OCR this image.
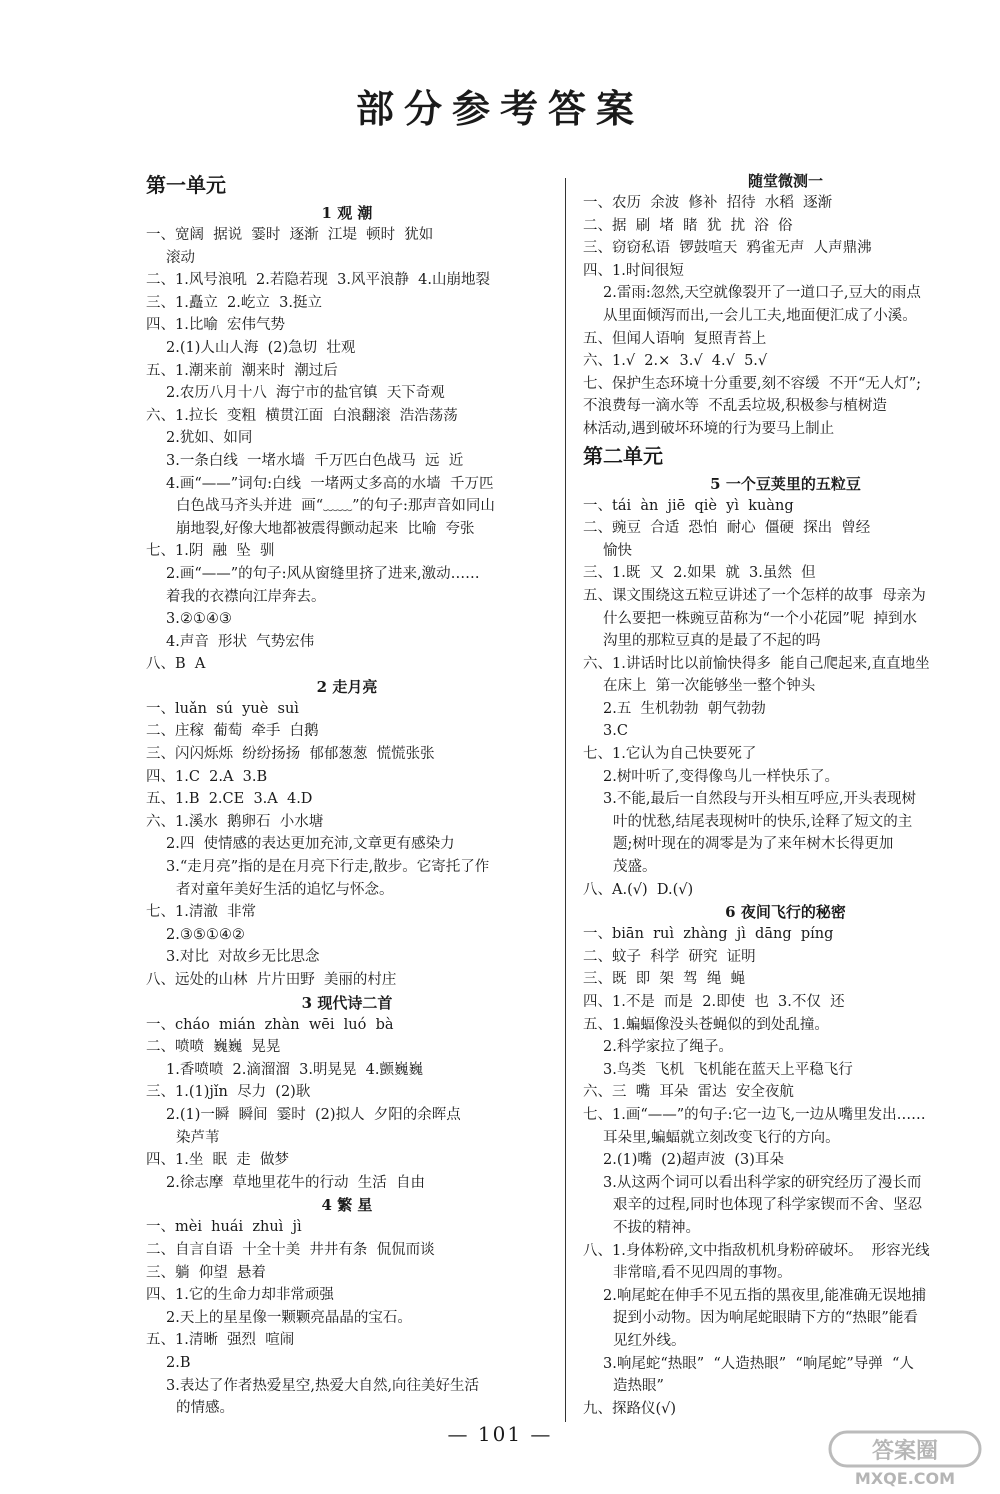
部分参考答案
第一单元
1 观 潮
一、宽阔  据说  霎时  逐渐  江堤  顿时  犹如
滚动
二、1.风号浪吼  2.若隐若现  3.风平浪静  4.山崩地裂
三、1.矗立  2.屹立  3.挺立
四、1.比喻  宏伟气势
2.(1)人山人海  (2)急切  壮观
五、1.潮来前  潮来时  潮过后
2.农历八月十八  海宁市的盐官镇  天下奇观
六、1.拉长  变粗  横贯江面  白浪翻滚  浩浩荡荡
2.犹如、如同
3.一条白线  一堵水墙  千万匹白色战马  远  近
4.画“——”词句:白线  一堵两丈多高的水墙  千万匹
白色战马齐头并进  画“﹏﹏”的句子:那声音如同山
崩地裂,好像大地都被震得颤动起来  比喻  夸张
七、1.阴  融  坠  驯
2.画“——”的句子:风从窗缝里挤了进来,激动……
着我的衣襟向江岸奔去。
3.②①④③
4.声音  形状  气势宏伟
八、B  A
2 走月亮
一、luǎn  sú  yuè  suì
二、庄稼  葡萄  牵手  白鹅
三、闪闪烁烁  纷纷扬扬  郁郁葱葱  慌慌张张
四、1.C  2.A  3.B
五、1.B  2.CE  3.A  4.D
六、1.溪水  鹅卵石  小水塘
2.四  使情感的表达更加充沛,文章更有感染力
3.“走月亮”指的是在月亮下行走,散步。它寄托了作
者对童年美好生活的追忆与怀念。
七、1.清澈  非常
2.③⑤①④②
3.对比  对故乡无比思念
八、远处的山林  片片田野  美丽的村庄
3 现代诗二首
一、cháo  mián  zhàn  wēi  luó  bà
二、喷喷  巍巍  晃晃
1.香喷喷  2.滴溜溜  3.明晃晃  4.颤巍巍
三、1.(1)jǐn  尽力  (2)耿
2.(1)一瞬  瞬间  霎时  (2)拟人  夕阳的余晖点
染芦苇
四、1.坐  眠  走  做梦
2.徐志摩  草地里花牛的行动  生活  自由
4 繁 星
一、mèi  huái  zhuì  jì
二、自言自语  十全十美  井井有条  侃侃而谈
三、躺  仰望  悬着
四、1.它的生命力却非常顽强
2.天上的星星像一颗颗亮晶晶的宝石。
五、1.清晰  强烈  喧闹
2.B
3.表达了作者热爱星空,热爱大自然,向往美好生活
的情感。
随堂微测一
一、农历  余波  修补  招待  水稻  逐渐
二、据  刷  堵  睹  犹  扰  浴  俗
三、窃窃私语  锣鼓喧天  鸦雀无声  人声鼎沸
四、1.时间很短
2.雷雨:忽然,天空就像裂开了一道口子,豆大的雨点
从里面倾泻而出,一会儿工夫,地面便汇成了小溪。
五、但闻人语响  复照青苔上
六、1.√  2.×  3.√  4.√  5.√
七、保护生态环境十分重要,刻不容缓  不开“无人灯”;
不浪费每一滴水等  不乱丢垃圾,积极参与植树造
林活动,遇到破坏环境的行为要马上制止
第二单元
5 一个豆荚里的五粒豆
一、tái  àn  jiē  qiè  yì  kuàng
二、豌豆  合适  恐怕  耐心  僵硬  探出  曾经
愉快
三、1.既  又  2.如果  就  3.虽然  但
五、课文围绕这五粒豆讲述了一个怎样的故事  母亲为
什么要把一株豌豆苗称为“一个小花园”呢  掉到水
沟里的那粒豆真的是最了不起的吗
六、1.讲话时比以前愉快得多  能自己爬起来,直直地坐
在床上  第一次能够坐一整个钟头
2.五  生机勃勃  朝气勃勃
3.C
七、1.它认为自己快要死了
2.树叶听了,变得像鸟儿一样快乐了。
3.不能,最后一自然段与开头相互呼应,开头表现树
叶的忧愁,结尾表现树叶的快乐,诠释了短文的主
题;树叶现在的凋零是为了来年树木长得更加
茂盛。
八、A.(√)  D.(√)
6 夜间飞行的秘密
一、biān  ruì  zhàng  jì  dāng  píng
二、蚊子  科学  研究  证明
三、既  即  架  驾  绳  蝇
四、1.不是  而是  2.即使  也  3.不仅  还
五、1.蝙蝠像没头苍蝇似的到处乱撞。
2.科学家拉了绳子。
3.鸟类  飞机  飞机能在蓝天上平稳飞行
六、三  嘴  耳朵  雷达  安全夜航
七、1.画“——”的句子:它一边飞,一边从嘴里发出……
耳朵里,蝙蝠就立刻改变飞行的方向。
2.(1)嘴  (2)超声波  (3)耳朵
3.从这两个词可以看出科学家的研究经历了漫长而
艰辛的过程,同时也体现了科学家锲而不舍、坚忍
不拔的精神。
八、1.身体粉碎,文中指敌机机身粉碎破坏。  形容光线
非常暗,看不见四周的事物。
2.响尾蛇在伸手不见五指的黑夜里,能准确无误地捕
捉到小动物。因为响尾蛇眼睛下方的“热眼”能看
见红外线。
3.响尾蛇“热眼”  “人造热眼”  “响尾蛇”导弹  “人
造热眼”
九、探路仪(√)
— 101 —
答案圈
MXQE.COM
